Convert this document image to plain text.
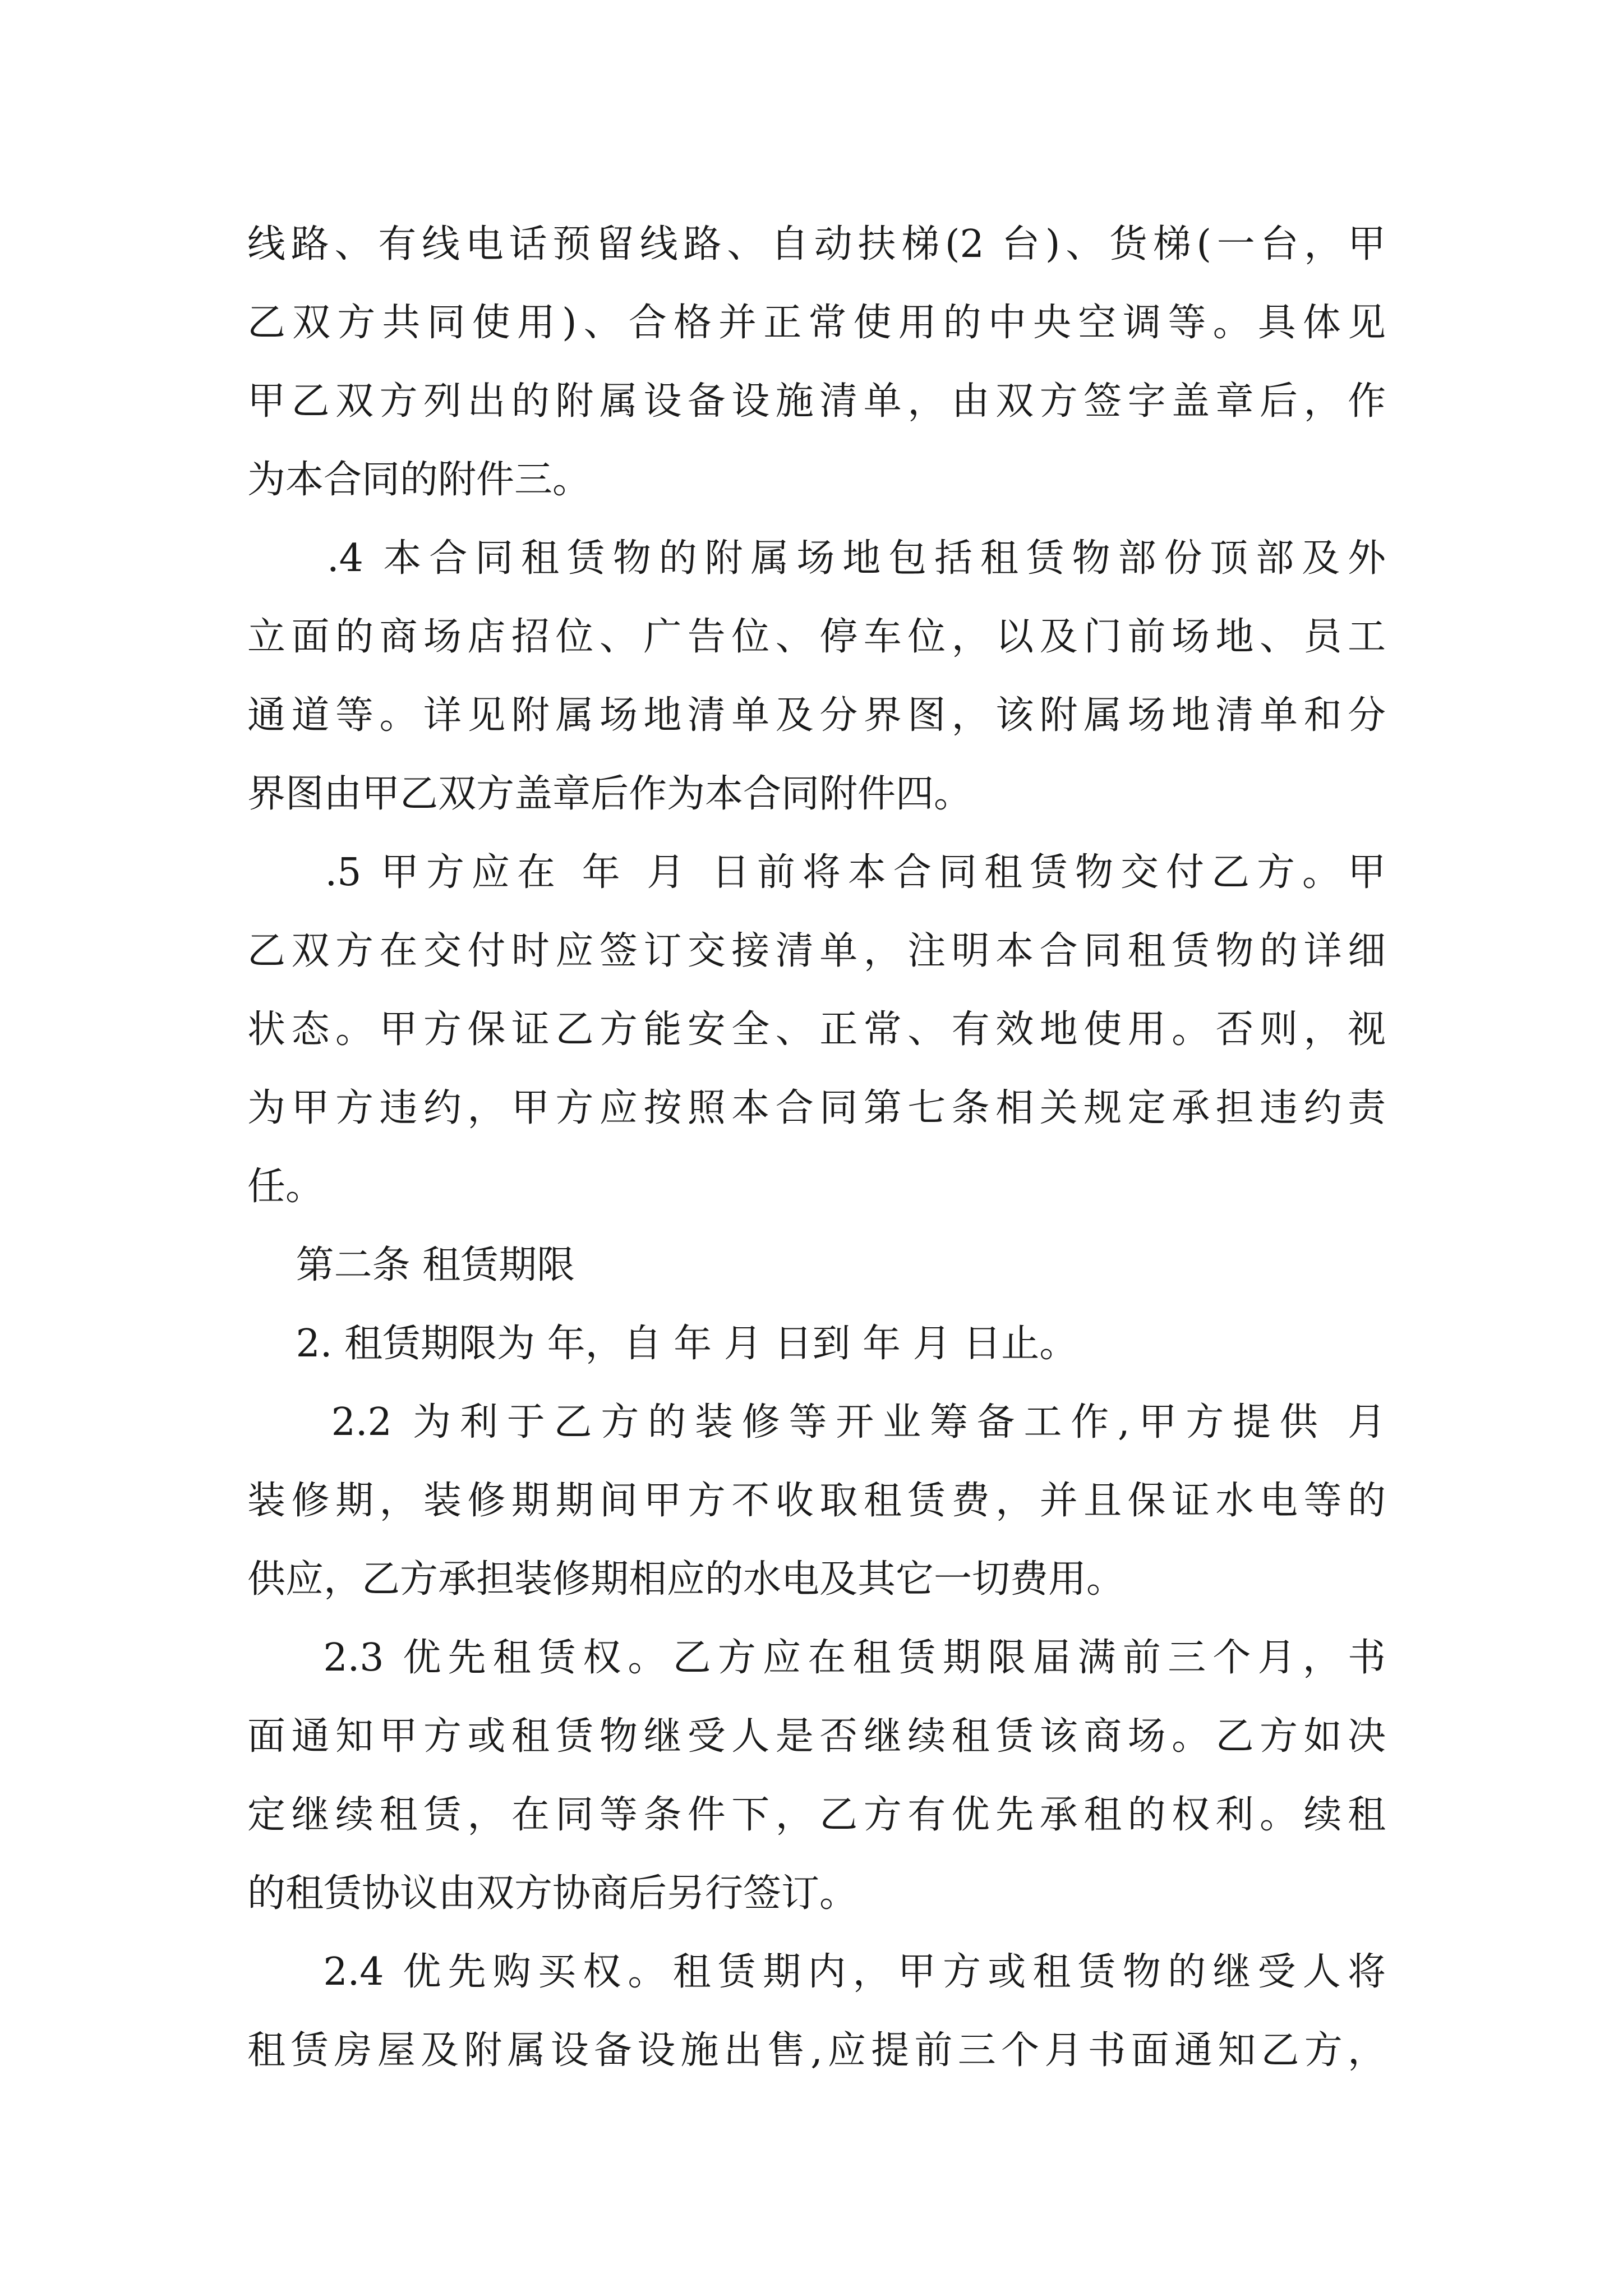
线路、有线电话预留线路、自动扶梯(2 台)、货梯(一台，甲
乙双方共同使用)、合格并正常使用的中央空调等。具体见
甲乙双方列出的附属设备设施清单，由双方签字盖章后，作
为本合同的附件三。
.4 本合同租赁物的附属场地包括租赁物部份顶部及外
立面的商场店招位、广告位、停车位，以及门前场地、员工
通道等。详见附属场地清单及分界图，该附属场地清单和分
界图由甲乙双方盖章后作为本合同附件四。
.5 甲方应在 年 月 日前将本合同租赁物交付乙方。甲
乙双方在交付时应签订交接清单，注明本合同租赁物的详细
状态。甲方保证乙方能安全、正常、有效地使用。否则，视
为甲方违约，甲方应按照本合同第七条相关规定承担违约责
任。
第二条 租赁期限
2. 租赁期限为 年，自 年 月 日到 年 月 日止。
2.2 为利于乙方的装修等开业筹备工作,甲方提供 月
装修期，装修期期间甲方不收取租赁费，并且保证水电等的
供应，乙方承担装修期相应的水电及其它一切费用。
2.3 优先租赁权。乙方应在租赁期限届满前三个月，书
面通知甲方或租赁物继受人是否继续租赁该商场。乙方如决
定继续租赁，在同等条件下，乙方有优先承租的权利。续租
的租赁协议由双方协商后另行签订。
2.4 优先购买权。租赁期内，甲方或租赁物的继受人将
租赁房屋及附属设备设施出售,应提前三个月书面通知乙方，
